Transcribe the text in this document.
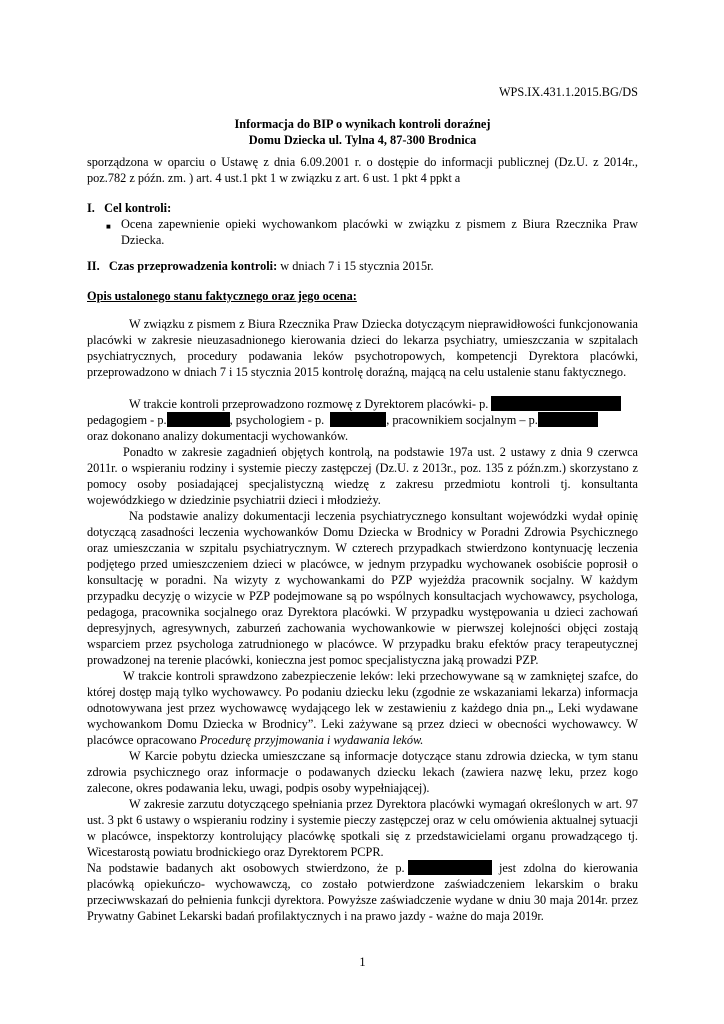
WPS.IX.431.1.2015.BG/DS
Informacja do BIP o wynikach kontroli doraźnej
Domu Dziecka ul. Tylna 4, 87-300 Brodnica

sporządzona w oparciu o Ustawę z dnia 6.09.2001 r. o dostępie do informacji publicznej (Dz.U. z 2014r., poz.782 z późn. zm. ) art. 4 ust.1 pkt 1 w związku z art. 6 ust. 1 pkt 4 ppkt a

I. Cel kontroli:
■ Ocena zapewnienie opieki wychowankom placówki w związku z pismem z Biura Rzecznika Praw Dziecka.
II. Czas przeprowadzenia kontroli: w dniach 7 i 15 stycznia 2015r.
Opis ustalonego stanu faktycznego oraz jego ocena:

W związku z pismem z Biura Rzecznika Praw Dziecka dotyczącym nieprawidłowości funkcjonowania placówki w zakresie nieuzasadnionego kierowania dzieci do lekarza psychiatry, umieszczania w szpitalach psychiatrycznych, procedury podawania leków psychotropowych, kompetencji Dyrektora placówki, przeprowadzono w dniach 7 i 15 stycznia 2015 kontrolę doraźną, mającą na celu ustalenie stanu faktycznego.

W trakcie kontroli przeprowadzono rozmowę z Dyrektorem placówki- p.
pedagogiem - p.	, psychologiem - p.	, pracownikiem socjalnym – p.
oraz dokonano analizy dokumentacji wychowanków.

Ponadto w zakresie zagadnień objętych kontrolą, na podstawie 197a ust. 2 ustawy z dnia 9 czerwca 2011r. o wspieraniu rodziny i systemie pieczy zastępczej (Dz.U. z 2013r., poz. 135 z późn.zm.) skorzystano z pomocy osoby posiadającej specjalistyczną wiedzę z zakresu przedmiotu kontroli tj. konsultanta wojewódzkiego w dziedzinie psychiatrii dzieci i młodzieży.

Na podstawie analizy dokumentacji leczenia psychiatrycznego konsultant wojewódzki wydał opinię dotyczącą zasadności leczenia wychowanków Domu Dziecka w Brodnicy w Poradni Zdrowia Psychicznego oraz umieszczania w szpitalu psychiatrycznym. W czterech przypadkach stwierdzono kontynuację leczenia podjętego przed umieszczeniem dzieci w placówce, w jednym przypadku wychowanek osobiście poprosił o konsultację w poradni. Na wizyty z wychowankami do PZP wyjeżdża pracownik socjalny. W każdym przypadku decyzję o wizycie w PZP podejmowane są po wspólnych konsultacjach wychowawcy, psychologa, pedagoga, pracownika socjalnego oraz Dyrektora placówki. W przypadku występowania u dzieci zachowań depresyjnych, agresywnych, zaburzeń zachowania wychowankowie w pierwszej kolejności objęci zostają wsparciem przez psychologa zatrudnionego w placówce. W przypadku braku efektów pracy terapeutycznej prowadzonej na terenie placówki, konieczna jest pomoc specjalistyczna jaką prowadzi PZP.

W trakcie kontroli sprawdzono zabezpieczenie leków: leki przechowywane są w zamkniętej szafce, do której dostęp mają tylko wychowawcy. Po podaniu dziecku leku (zgodnie ze wskazaniami lekarza) informacja odnotowywana jest przez wychowawcę wydającego lek w zestawieniu z każdego dnia pn.„ Leki wydawane wychowankom Domu Dziecka w Brodnicy”. Leki zażywane są przez dzieci w obecności wychowawcy. W placówce opracowano Procedurę przyjmowania i wydawania leków.

W Karcie pobytu dziecka umieszczane są informacje dotyczące stanu zdrowia dziecka, w tym stanu zdrowia psychicznego oraz informacje o podawanych dziecku lekach (zawiera nazwę leku, przez kogo zalecone, okres podawania leku, uwagi, podpis osoby wypełniającej).

W zakresie zarzutu dotyczącego spełniania przez Dyrektora placówki wymagań określonych w art. 97 ust. 3 pkt 6 ustawy o wspieraniu rodziny i systemie pieczy zastępczej oraz w celu omówienia aktualnej sytuacji w placówce, inspektorzy kontrolujący placówkę spotkali się z przedstawicielami organu prowadzącego tj. Wicestarostą powiatu brodnickiego oraz Dyrektorem PCPR.

Na podstawie badanych akt osobowych stwierdzono, że p.	jest zdolna do kierowania placówką opiekuńczo- wychowawczą, co zostało potwierdzone zaświadczeniem lekarskim o braku przeciwwskazań do pełnienia funkcji dyrektora. Powyższe zaświadczenie wydane w dniu 30 maja 2014r. przez Prywatny Gabinet Lekarski badań profilaktycznych i na prawo jazdy - ważne do maja 2019r.

1
